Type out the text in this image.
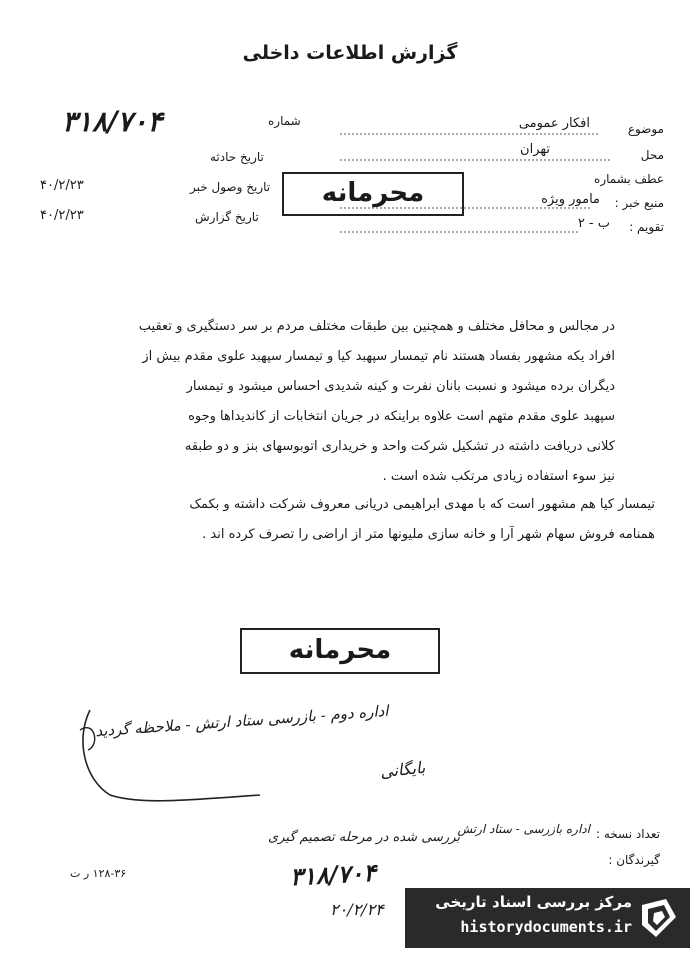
گزارش اطلاعات داخلی
شماره
۳۱۸/۷۰۴
تاریخ حادثه
تاریخ وصول خبر
۴۰/۲/۲۳
تاریخ گزارش
۴۰/۲/۲۳
محرمانه
موضوع
افکار عمومی
محل
تهران
عطف بشماره
منبع خبر :
مامور ویژه
تقویم :
ب - ۲
در مجالس و محافل مختلف و همچنین بین طبقات مختلف مردم بر سر دستگیری و تعقیب
افراد یکه مشهور بفساد هستند نام تیمسار سپهبد کیا و تیمسار سپهبد علوی مقدم بیش از
دیگران برده میشود و نسبت بانان نفرت و کینه شدیدی احساس میشود و تیمسار
سپهبد علوی مقدم متهم است علاوه براینکه در جریان انتخابات از کاندیداها وجوه
کلانی دریافت داشته در تشکیل شرکت واحد و خریداری اتوبوسهای بنز و دو طبقه
نیز سوء استفاده زیادی مرتکب شده است .
تیمسار کیا هم مشهور است که با مهدی ابراهیمی دریانی معروف شرکت داشته و بکمک
همنامه فروش سهام شهر آرا و خانه سازی ملیونها متر از اراضی را تصرف کرده اند .
محرمانه
اداره دوم - بازرسی ستاد ارتش - ملاحظه گردید
بایگانی
تعداد نسخه :
اداره بازرسی - ستاد ارتش
بررسی شده در مرحله تصمیم گیری
گیرندگان :
۳۱۸/۷۰۴
۲۰/۲/۲۴
۱۲۸-۳۶ ر ت
مرکز بررسی اسناد تاریخی
historydocuments.ir
